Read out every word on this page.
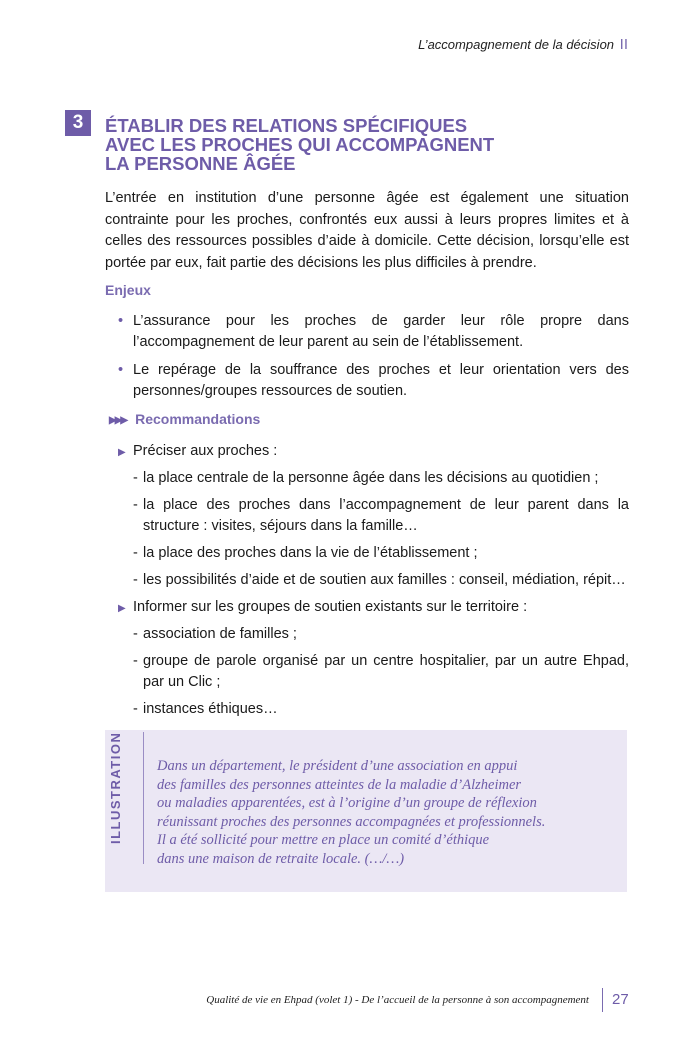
L’accompagnement de la décision II
3	ÉTABLIR DES RELATIONS SPÉCIFIQUES
AVEC LES PROCHES QUI ACCOMPAGNENT
LA PERSONNE ÂGÉE

L’entrée en institution d’une personne âgée est également une situation contrainte pour les proches, confrontés eux aussi à leurs propres limites et à celles des ressources possibles d’aide à domicile. Cette décision, lorsqu’elle est portée par eux, fait partie des décisions les plus difficiles à prendre.

Enjeux
• L’assurance pour les proches de garder leur rôle propre dans l’accompagnement de leur parent au sein de l’établissement.
• Le repérage de la souffrance des proches et leur orientation vers des personnes/groupes ressources de soutien.
▶▶▶ Recommandations
▶ Préciser aux proches :
- la place centrale de la personne âgée dans les décisions au quotidien ;
- la place des proches dans l’accompagnement de leur parent dans la structure : visites, séjours dans la famille…
- la place des proches dans la vie de l’établissement ;
- les possibilités d’aide et de soutien aux familles : conseil, médiation, répit…
▶ Informer sur les groupes de soutien existants sur le territoire :
- association de familles ;
- groupe de parole organisé par un centre hospitalier, par un autre Ehpad, par un Clic ;
- instances éthiques…
ILLUSTRATION Dans un département, le président d’une association en appui
des familles des personnes atteintes de la maladie d’Alzheimer
ou maladies apparentées, est à l’origine d’un groupe de réflexion
réunissant proches des personnes accompagnées et professionnels.
Il a été sollicité pour mettre en place un comité d’éthique
dans une maison de retraite locale. (…/…)

Qualité de vie en Ehpad (volet 1) - De l’accueil de la personne à son accompagnement 27
